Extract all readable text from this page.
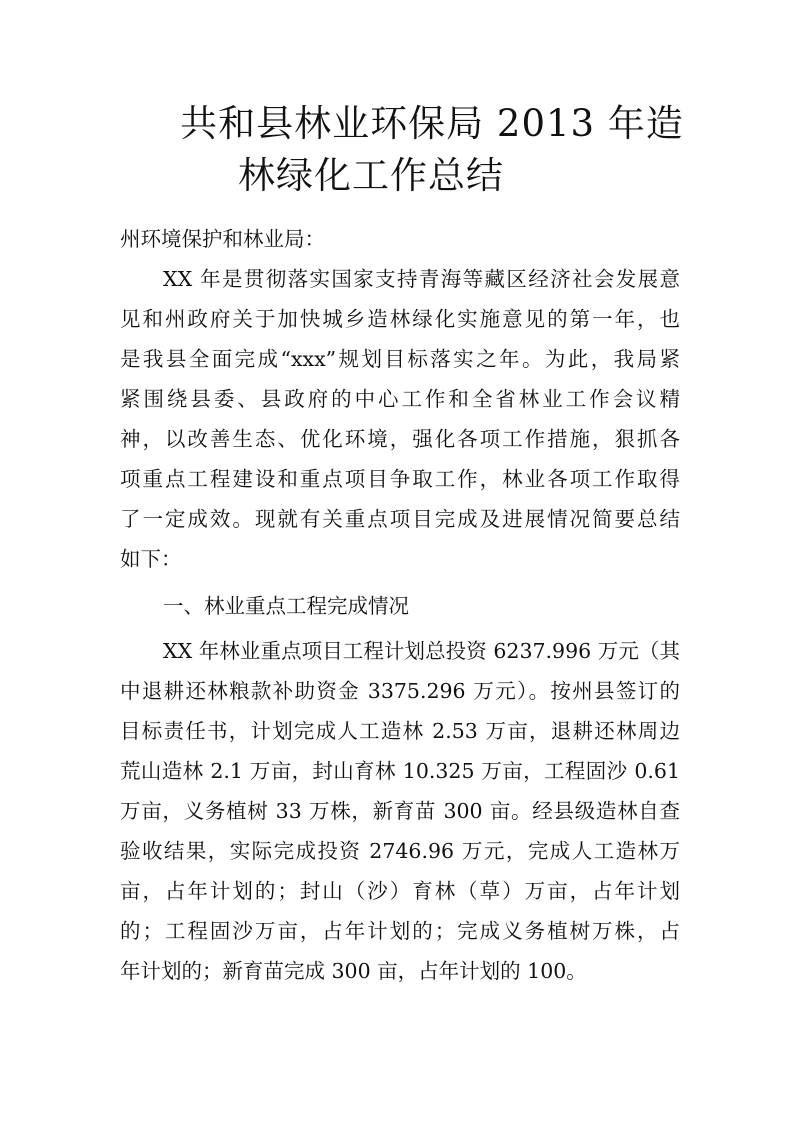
共和县林业环保局 2013 年造
林绿化工作总结
州环境保护和林业局：
XX 年是贯彻落实国家支持青海等藏区经济社会发展意
见和州政府关于加快城乡造林绿化实施意见的第一年，也
是我县全面完成“xxx”规划目标落实之年。为此，我局紧
紧围绕县委、县政府的中心工作和全省林业工作会议精
神，以改善生态、优化环境，强化各项工作措施，狠抓各
项重点工程建设和重点项目争取工作，林业各项工作取得
了一定成效。现就有关重点项目完成及进展情况简要总结
如下：
一、林业重点工程完成情况
XX 年林业重点项目工程计划总投资 6237.996 万元（其
中退耕还林粮款补助资金 3375.296 万元）。按州县签订的
目标责任书，计划完成人工造林 2.53 万亩，退耕还林周边
荒山造林 2.1 万亩，封山育林 10.325 万亩，工程固沙 0.61
万亩，义务植树 33 万株，新育苗 300 亩。经县级造林自查
验收结果，实际完成投资 2746.96 万元，完成人工造林万
亩，占年计划的；封山（沙）育林（草）万亩，占年计划
的；工程固沙万亩，占年计划的；完成义务植树万株，占
年计划的；新育苗完成 300 亩，占年计划的 100。
